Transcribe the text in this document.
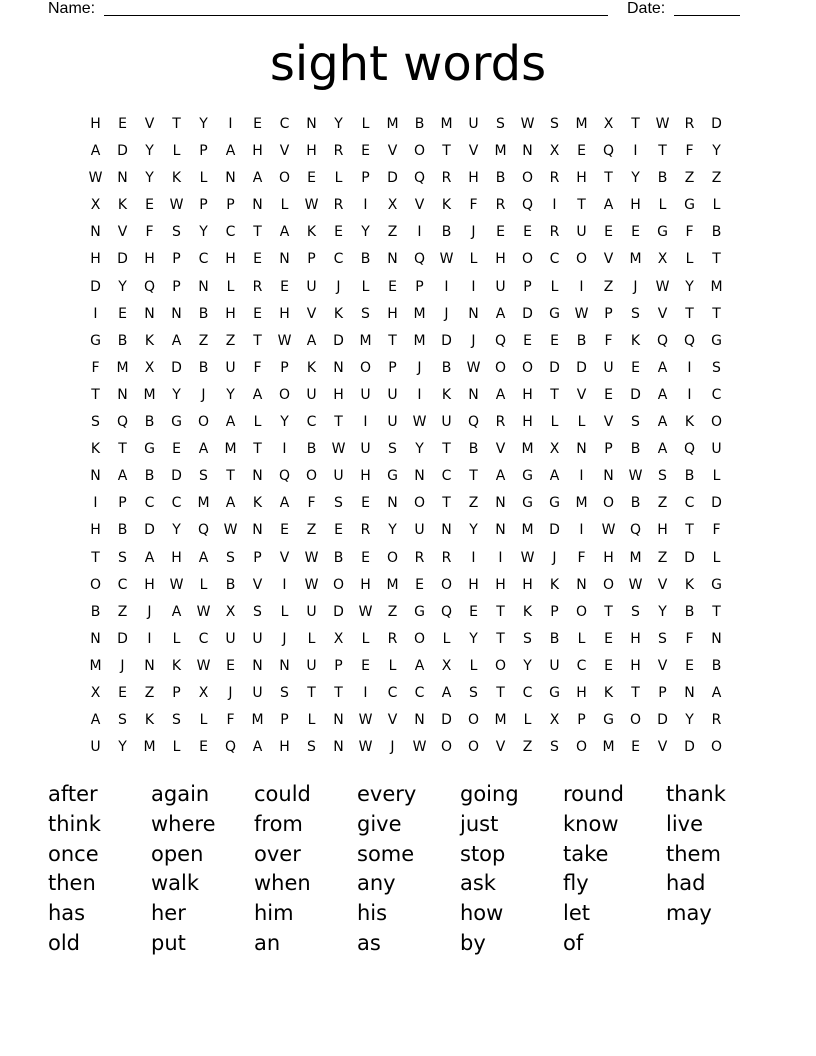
Name:	Date:
sight words
H	E	V	T	Y	I	E	C	N	Y	L	M	B	M	U	S	W	S	M	X	T	W	R	D
A	D	Y	L	P	A	H	V	H	R	E	V	O	T	V	M	N	X	E	Q	I	T	F	Y
W	N	Y	K	L	N	A	O	E	L	P	D	Q	R	H	B	O	R	H	T	Y	B	Z	Z
X	K	E	W	P	P	N	L	W	R	I	X	V	K	F	R	Q	I	T	A	H	L	G	L
N	V	F	S	Y	C	T	A	K	E	Y	Z	I	B	J	E	E	R	U	E	E	G	F	B
H	D	H	P	C	H	E	N	P	C	B	N	Q	W	L	H	O	C	O	V	M	X	L	T
D	Y	Q	P	N	L	R	E	U	J	L	E	P	I	I	U	P	L	I	Z	J	W	Y	M
I	E	N	N	B	H	E	H	V	K	S	H	M	J	N	A	D	G	W	P	S	V	T	T
G	B	K	A	Z	Z	T	W	A	D	M	T	M	D	J	Q	E	E	B	F	K	Q	Q	G
F	M	X	D	B	U	F	P	K	N	O	P	J	B	W	O	O	D	D	U	E	A	I	S
T	N	M	Y	J	Y	A	O	U	H	U	U	I	K	N	A	H	T	V	E	D	A	I	C
S	Q	B	G	O	A	L	Y	C	T	I	U	W	U	Q	R	H	L	L	V	S	A	K	O
K	T	G	E	A	M	T	I	B	W	U	S	Y	T	B	V	M	X	N	P	B	A	Q	U
N	A	B	D	S	T	N	Q	O	U	H	G	N	C	T	A	G	A	I	N	W	S	B	L
I	P	C	C	M	A	K	A	F	S	E	N	O	T	Z	N	G	G	M	O	B	Z	C	D
H	B	D	Y	Q	W	N	E	Z	E	R	Y	U	N	Y	N	M	D	I	W	Q	H	T	F
T	S	A	H	A	S	P	V	W	B	E	O	R	R	I	I	W	J	F	H	M	Z	D	L
O	C	H	W	L	B	V	I	W	O	H	M	E	O	H	H	H	K	N	O	W	V	K	G
B	Z	J	A	W	X	S	L	U	D	W	Z	G	Q	E	T	K	P	O	T	S	Y	B	T
N	D	I	L	C	U	U	J	L	X	L	R	O	L	Y	T	S	B	L	E	H	S	F	N
M	J	N	K	W	E	N	N	U	P	E	L	A	X	L	O	Y	U	C	E	H	V	E	B
X	E	Z	P	X	J	U	S	T	T	I	C	C	A	S	T	C	G	H	K	T	P	N	A
A	S	K	S	L	F	M	P	L	N	W	V	N	D	O	M	L	X	P	G	O	D	Y	R
U	Y	M	L	E	Q	A	H	S	N	W	J	W	O	O	V	Z	S	O	M	E	V	D	O
after	again	could	every	going	round	thank
think	where	from	give	just	know	live
once	open	over	some	stop	take	them
then	walk	when	any	ask	fly	had
has	her	him	his	how	let	may
old	put	an	as	by	of
